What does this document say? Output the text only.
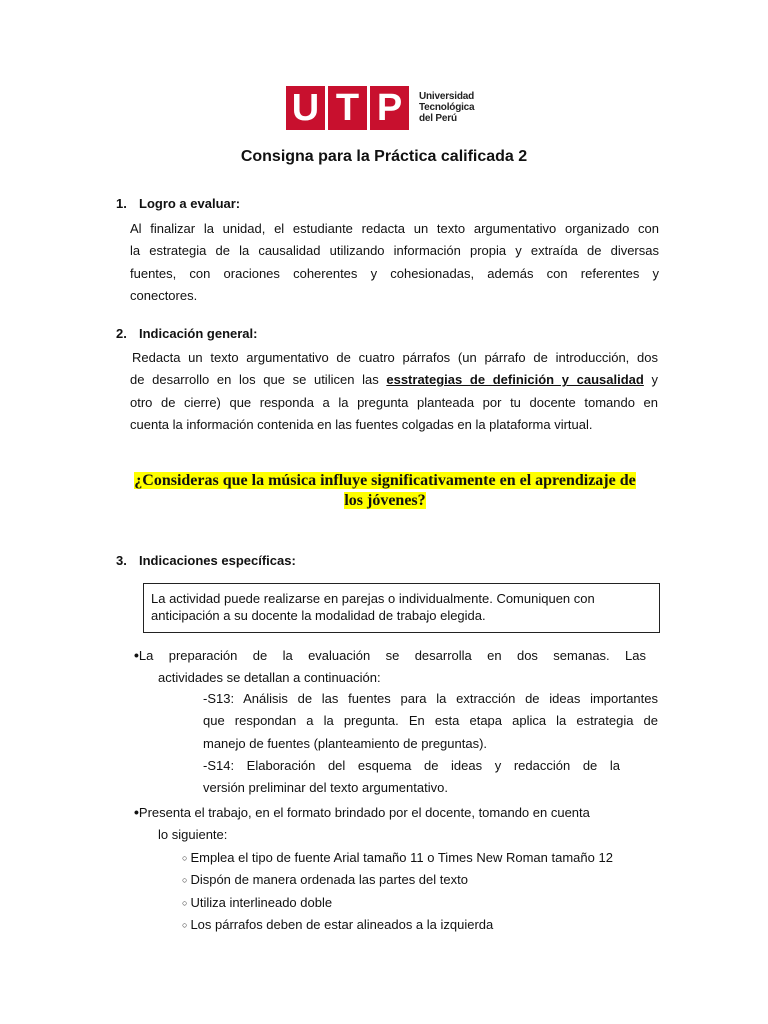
U T P	Universidad
Tecnológica
del Perú
Consigna para la Práctica calificada 2
1. Logro a evaluar:
Al finalizar la unidad, el estudiante redacta un texto argumentativo organizado con
la estrategia de la causalidad utilizando información propia y extraída de diversas
fuentes, con oraciones coherentes y cohesionadas, además con referentes y
conectores.
2. Indicación general:
Redacta un texto argumentativo de cuatro párrafos (un párrafo de introducción, dos
de desarrollo en los que se utilicen las esstrategias de definición y causalidad y
otro de cierre) que responda a la pregunta planteada por tu docente tomando en
cuenta la información contenida en las fuentes colgadas en la plataforma virtual.
¿Consideras que la música influye significativamente en el aprendizaje de
los jóvenes?
3. Indicaciones específicas:
La actividad puede realizarse en parejas o individualmente. Comuniquen con
anticipación a su docente la modalidad de trabajo elegida.
•La preparación de la evaluación se desarrolla en dos semanas. Las
actividades se detallan a continuación:
-S13: Análisis de las fuentes para la extracción de ideas importantes
que respondan a la pregunta. En esta etapa aplica la estrategia de
manejo de fuentes (planteamiento de preguntas).
-S14: Elaboración del esquema de ideas y redacción de la
versión preliminar del texto argumentativo.
•Presenta el trabajo, en el formato brindado por el docente, tomando en cuenta
lo siguiente:
○ Emplea el tipo de fuente Arial tamaño 11 o Times New Roman tamaño 12
○ Dispón de manera ordenada las partes del texto
○ Utiliza interlineado doble
○ Los párrafos deben de estar alineados a la izquierda
